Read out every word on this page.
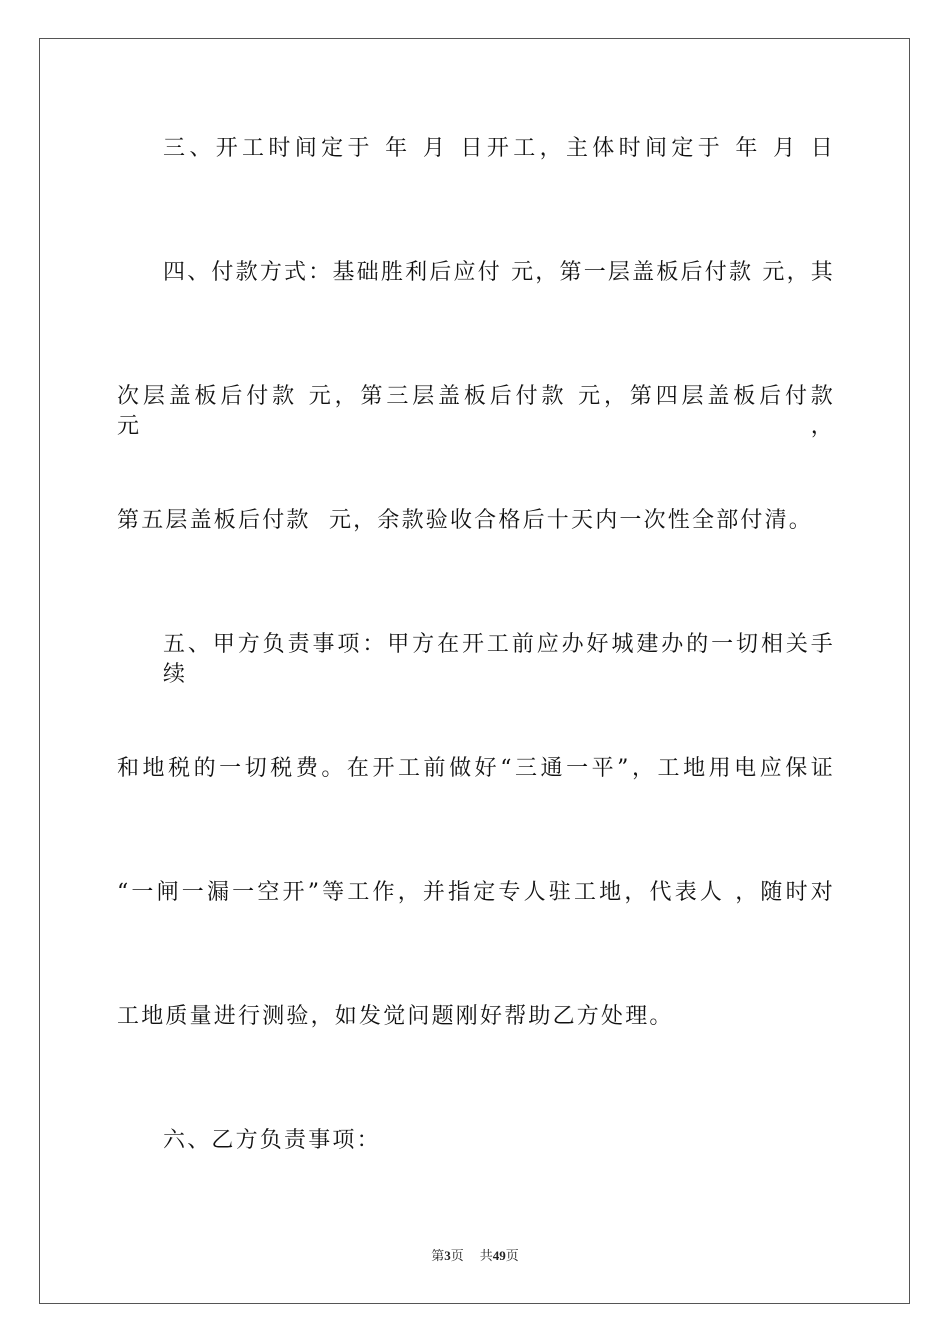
三、开工时间定于 年 月 日开工，主体时间定于 年 月 日
四、付款方式：基础胜利后应付 元，第一层盖板后付款 元，其
次层盖板后付款 元，第三层盖板后付款 元，第四层盖板后付款 元，
第五层盖板后付款  元，余款验收合格后十天内一次性全部付清。
五、甲方负责事项：甲方在开工前应办好城建办的一切相关手续
和地税的一切税费。在开工前做好“三通一平”，工地用电应保证
“一闸一漏一空开”等工作，并指定专人驻工地，代表人 ，随时对
工地质量进行测验，如发觉问题刚好帮助乙方处理。
六、乙方负责事项：
第3页 共49页
